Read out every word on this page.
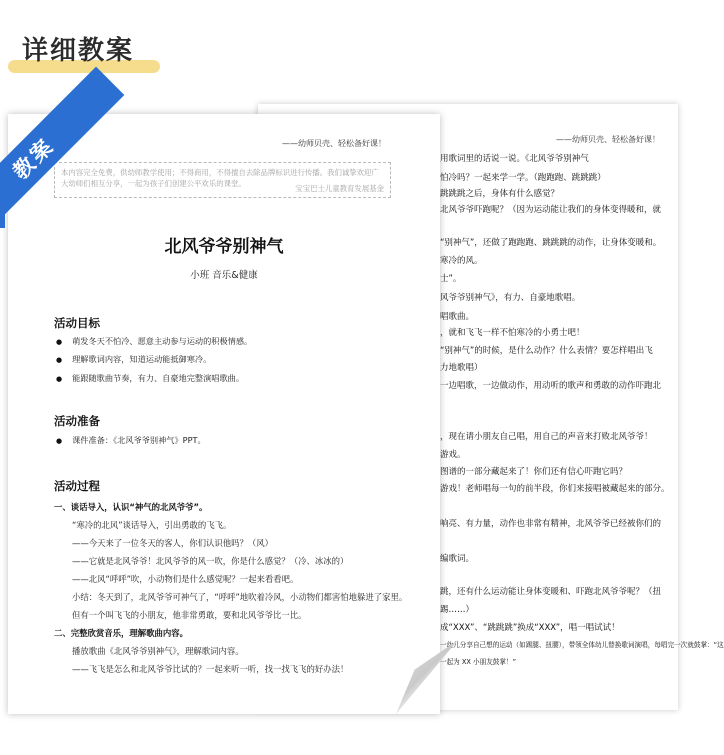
详细教案
——幼师贝壳、轻松备好课！
用歌词里的话说一说。《北风爷爷别神气
怕冷吗？一起来学一学。（跑跑跑、跳跳跳）
跳跳跳之后，身体有什么感觉？
北风爷爷吓跑呢？（因为运动能让我们的身体变得暖和，就
“别神气”，还做了跑跑跑、跳跳跳的动作，让身体变暖和。
寒冷的风。
士”。
风爷爷别神气》，有力、自豪地歌唱。
唱歌曲。
，就和飞飞一样不怕寒冷的小勇士吧！
“别神气”的时候，是什么动作？什么表情？要怎样唱出飞
力地歌唱）
一边唱歌，一边做动作，用动听的歌声和勇敢的动作吓跑北
，现在请小朋友自己唱，用自己的声音来打败北风爷爷！
游戏。
图谱的一部分藏起来了！你们还有信心吓跑它吗？
游戏！老师唱每一句的前半段，你们来接唱被藏起来的部分。
响亮、有力量，动作也非常有精神，北风爷爷已经被你们的
编歌词。
跳，还有什么运动能让身体变暖和、吓跑北风爷爷呢？（扭
踢……）
成“XXX”、“跳跳跳”换成“XXX”，唱一唱试试！
一幼儿分享自己想的运动（如踢腿、扭腰），带领全体幼儿替换歌词演唱，每唱完一次就鼓掌：“这
一起为 XX 小朋友鼓掌！”
——幼师贝壳、轻松备好课！
本内容完全免费，供幼师教学使用；不得商用，不得擅自去除品牌标识进行传播。我们诚挚欢迎广大幼师们相互分享，一起为孩子们创建公平欢乐的课堂。
宝宝巴士儿童教育发展基金
北风爷爷别神气
小班 音乐&健康
活动目标
● 萌发冬天不怕冷、愿意主动参与运动的积极情感。
● 理解歌词内容，知道运动能抵御寒冷。
● 能跟随歌曲节奏，有力、自豪地完整演唱歌曲。
活动准备
● 课件准备：《北风爷爷别神气》PPT。
活动过程
一、谈话导入，认识“神气的北风爷爷”。
“寒冷的北风”谈话导入，引出勇敢的飞飞。
——今天来了一位冬天的客人，你们认识他吗？（风）
——它就是北风爷爷！北风爷爷的风一吹，你是什么感觉？（冷、冰冰的）
——北风“呼呼”吹，小动物们是什么感觉呢？一起来看看吧。
小结：冬天到了，北风爷爷可神气了，“呼呼”地吹着冷风，小动物们都害怕地躲进了家里。
但有一个叫飞飞的小朋友，他非常勇敢，要和北风爷爷比一比。
二、完整欣赏音乐，理解歌曲内容。
播放歌曲《北风爷爷别神气》，理解歌词内容。
——飞飞是怎么和北风爷爷比试的？一起来听一听，找一找飞飞的好办法！
教案
